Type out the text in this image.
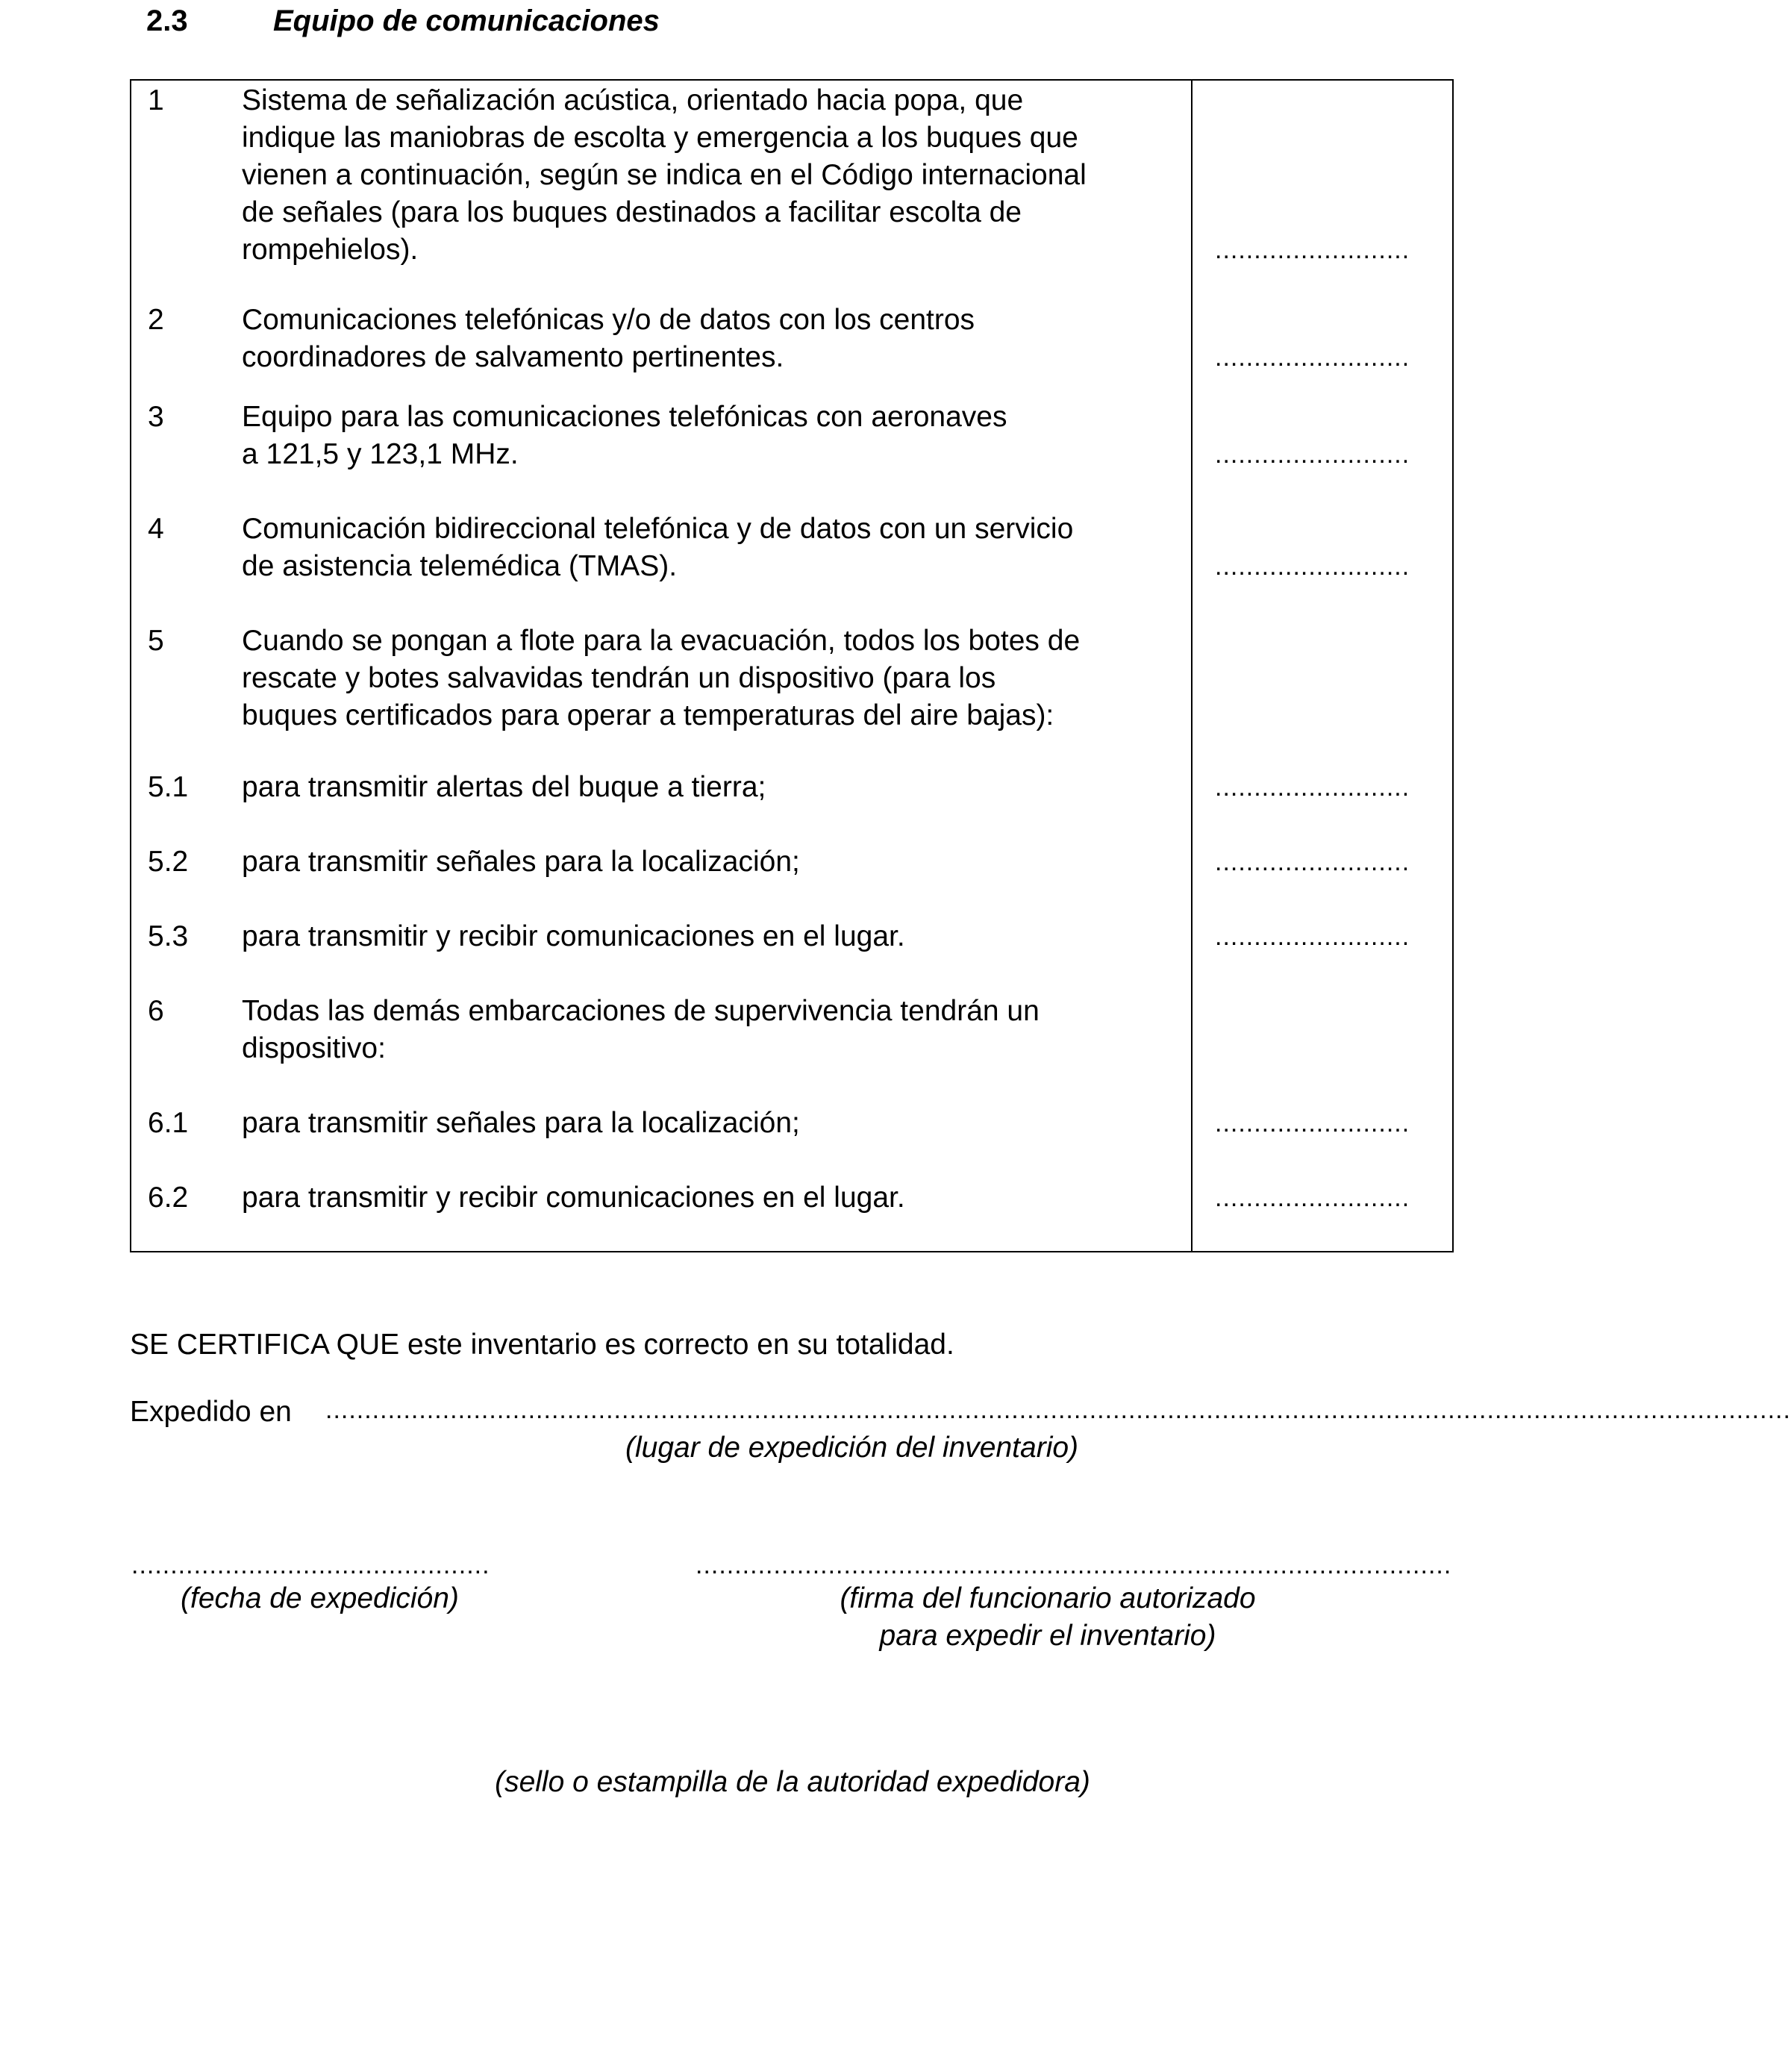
2.3	Equipo de comunicaciones
1	Sistema de señalización acústica, orientado hacia popa, que
indique las maniobras de escolta y emergencia a los buques que
vienen a continuación, según se indica en el Código internacional
de señales (para los buques destinados a facilitar escolta de
rompehielos).	.........................
2	Comunicaciones telefónicas y/o de datos con los centros
coordinadores de salvamento pertinentes.	.........................
3	Equipo para las comunicaciones telefónicas con aeronaves
a 121,5 y 123,1 MHz.	.........................
4	Comunicación bidireccional telefónica y de datos con un servicio
de asistencia telemédica (TMAS).	.........................
5	Cuando se pongan a flote para la evacuación, todos los botes de
rescate y botes salvavidas tendrán un dispositivo (para los
buques certificados para operar a temperaturas del aire bajas):
5.1 para transmitir alertas del buque a tierra;	.........................
5.2 para transmitir señales para la localización;	.........................
5.3 para transmitir y recibir comunicaciones en el lugar.	.........................
6	Todas las demás embarcaciones de supervivencia tendrán un
dispositivo:
6.1 para transmitir señales para la localización;	.........................
6.2 para transmitir y recibir comunicaciones en el lugar.	.........................
SE CERTIFICA QUE este inventario es correcto en su totalidad.
Expedido en ............................................................................................................................................................................................
(lugar de expedición del inventario)
..............................................
(fecha de expedición)
.................................................................................................
(firma del funcionario autorizado
para expedir el inventario)
(sello o estampilla de la autoridad expedidora)
